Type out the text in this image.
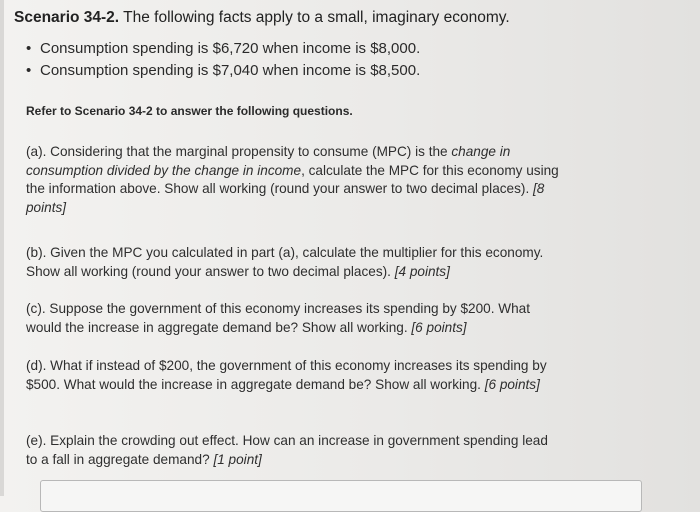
Scenario 34-2. The following facts apply to a small, imaginary economy.
• Consumption spending is $6,720 when income is $8,000.
• Consumption spending is $7,040 when income is $8,500.
Refer to Scenario 34-2 to answer the following questions.
(a). Considering that the marginal propensity to consume (MPC) is the change in consumption divided by the change in income, calculate the MPC for this economy using the information above. Show all working (round your answer to two decimal places). [8 points]
(b). Given the MPC you calculated in part (a), calculate the multiplier for this economy. Show all working (round your answer to two decimal places). [4 points]
(c). Suppose the government of this economy increases its spending by $200. What would the increase in aggregate demand be? Show all working. [6 points]
(d). What if instead of $200, the government of this economy increases its spending by $500. What would the increase in aggregate demand be? Show all working. [6 points]
(e). Explain the crowding out effect. How can an increase in government spending lead to a fall in aggregate demand? [1 point]
